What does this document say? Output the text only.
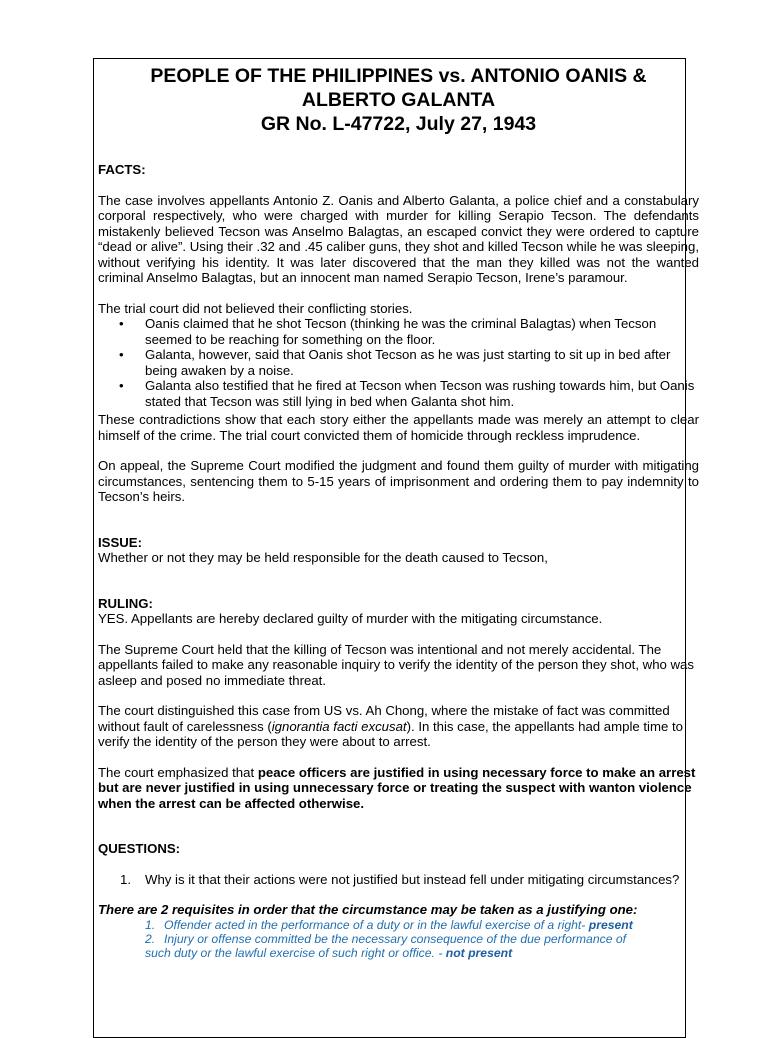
PEOPLE OF THE PHILIPPINES vs. ANTONIO OANIS &
ALBERTO GALANTA
GR No. L-47722, July 27, 1943

FACTS:

The case involves appellants Antonio Z. Oanis and Alberto Galanta, a police chief and a constabulary corporal respectively, who were charged with murder for killing Serapio Tecson. The defendants mistakenly believed Tecson was Anselmo Balagtas, an escaped convict they were ordered to capture “dead or alive”. Using their .32 and .45 caliber guns, they shot and killed Tecson while he was sleeping, without verifying his identity. It was later discovered that the man they killed was not the wanted criminal Anselmo Balagtas, but an innocent man named Serapio Tecson, Irene’s paramour.

The trial court did not believed their conflicting stories.

• Oanis claimed that he shot Tecson (thinking he was the criminal Balagtas) when Tecson seemed to be reaching for something on the floor.
• Galanta, however, said that Oanis shot Tecson as he was just starting to sit up in bed after being awaken by a noise.
• Galanta also testified that he fired at Tecson when Tecson was rushing towards him, but Oanis stated that Tecson was still lying in bed when Galanta shot him.

These contradictions show that each story either the appellants made was merely an attempt to clear himself of the crime. The trial court convicted them of homicide through reckless imprudence.

On appeal, the Supreme Court modified the judgment and found them guilty of murder with mitigating circumstances, sentencing them to 5-15 years of imprisonment and ordering them to pay indemnity to Tecson’s heirs.

ISSUE:

Whether or not they may be held responsible for the death caused to Tecson,

RULING:

YES. Appellants are hereby declared guilty of murder with the mitigating circumstance.

The Supreme Court held that the killing of Tecson was intentional and not merely accidental. The appellants failed to make any reasonable inquiry to verify the identity of the person they shot, who was asleep and posed no immediate threat.

The court distinguished this case from US vs. Ah Chong, where the mistake of fact was committed without fault of carelessness (ignorantia facti excusat). In this case, the appellants had ample time to verify the identity of the person they were about to arrest.

The court emphasized that peace officers are justified in using necessary force to make an arrest but are never justified in using unnecessary force or treating the suspect with wanton violence when the arrest can be affected otherwise.

QUESTIONS:

1. Why is it that their actions were not justified but instead fell under mitigating circumstances?

There are 2 requisites in order that the circumstance may be taken as a justifying one:

1. Offender acted in the performance of a duty or in the lawful exercise of a right- present
2. Injury or offense committed be the necessary consequence of the due performance of
such duty or the lawful exercise of such right or office. - not present
